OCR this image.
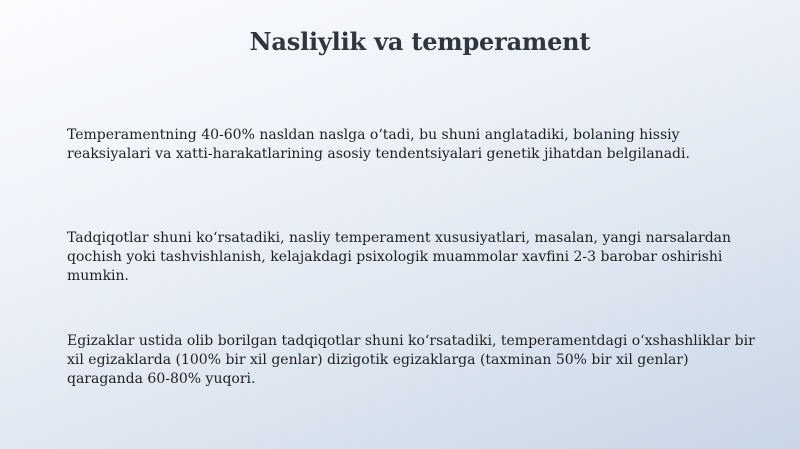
Nasliylik va temperament

Temperamentning 40-60% nasldan naslga o‘tadi, bu shuni anglatadiki, bolaning hissiy reaksiyalari va xatti-harakatlarining asosiy tendentsiyalari genetik jihatdan belgilanadi.

Tadqiqotlar shuni ko‘rsatadiki, nasliy temperament xususiyatlari, masalan, yangi narsalardan qochish yoki tashvishlanish, kelajakdagi psixologik muammolar xavfini 2-3 barobar oshirishi mumkin.

Egizaklar ustida olib borilgan tadqiqotlar shuni ko‘rsatadiki, temperamentdagi o‘xshashliklar bir xil egizaklarda (100% bir xil genlar) dizigotik egizaklarga (taxminan 50% bir xil genlar) qaraganda 60-80% yuqori.
